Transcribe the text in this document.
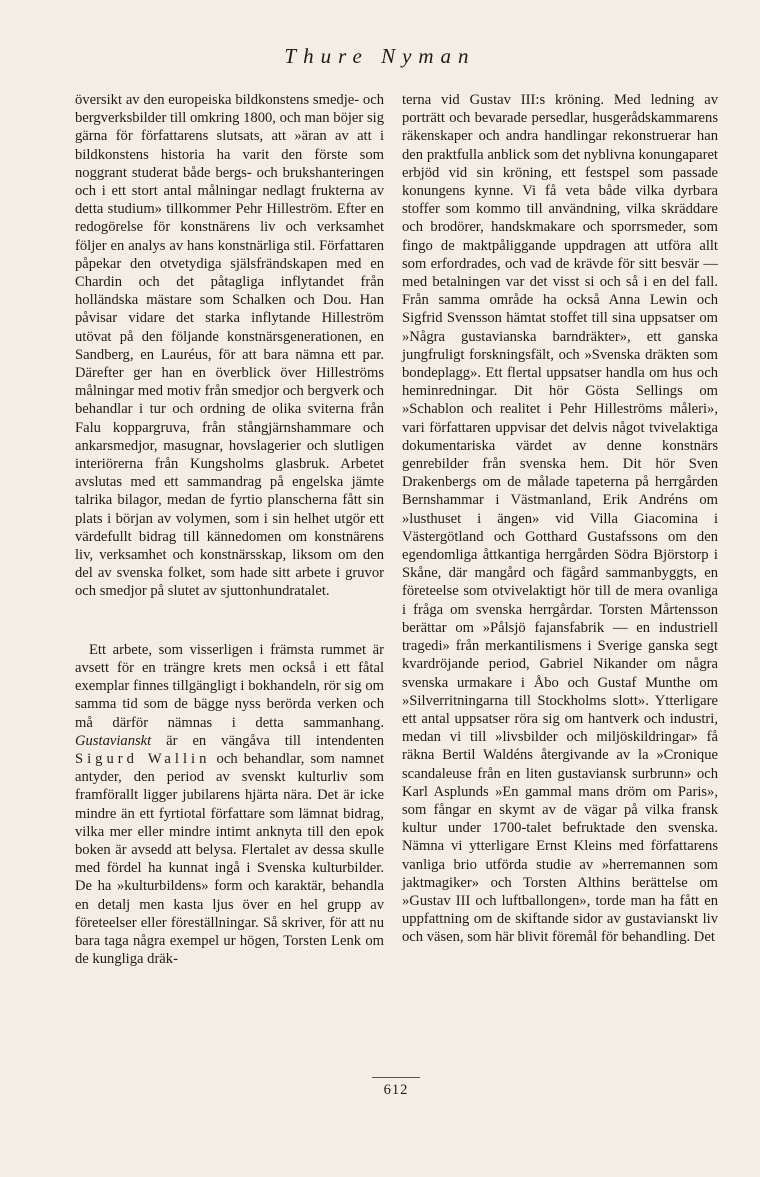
Thure Nyman

översikt av den europeiska bildkonstens smedje- och bergverksbilder till omkring 1800, och man böjer sig gärna för författarens slutsats, att »äran av att i bildkonstens historia ha varit den förste som noggrant studerat både bergs- och brukshanteringen och i ett stort antal målningar nedlagt frukterna av detta studium» tillkommer Pehr Hilleström. Efter en redogörelse för konstnärens liv och verksamhet följer en analys av hans konstnärliga stil. Författaren påpekar den otvetydiga själsfrändskapen med en Chardin och det påtagliga inflytandet från holländska mästare som Schalken och Dou. Han påvisar vidare det starka inflytande Hilleström utövat på den följande konstnärsgenerationen, en Sandberg, en Lauréus, för att bara nämna ett par. Därefter ger han en överblick över Hilleströms målningar med motiv från smedjor och bergverk och behandlar i tur och ordning de olika sviterna från Falu koppargruva, från stångjärnshammare och ankarsmedjor, masugnar, hovslagerier och slutligen interiörerna från Kungsholms glasbruk. Arbetet avslutas med ett sammandrag på engelska jämte talrika bilagor, medan de fyrtio planscherna fått sin plats i början av volymen, som i sin helhet utgör ett värdefullt bidrag till kännedomen om konstnärens liv, verksamhet och konstnärsskap, liksom om den del av svenska folket, som hade sitt arbete i gruvor och smedjor på slutet av sjuttonhundratalet.

Ett arbete, som visserligen i främsta rummet är avsett för en trängre krets men också i ett fåtal exemplar finnes tillgängligt i bokhandeln, rör sig om samma tid som de bägge nyss berörda verken och må därför nämnas i detta sammanhang. Gustavianskt är en vängåva till intendenten Sigurd Wallin och behandlar, som namnet antyder, den period av svenskt kulturliv som framförallt ligger jubilarens hjärta nära. Det är icke mindre än ett fyrtiotal författare som lämnat bidrag, vilka mer eller mindre intimt anknyta till den epok boken är avsedd att belysa. Flertalet av dessa skulle med fördel ha kunnat ingå i Svenska kulturbilder. De ha »kulturbildens» form och karaktär, behandla en detalj men kasta ljus över en hel grupp av företeelser eller föreställningar. Så skriver, för att nu bara taga några exempel ur högen, Torsten Lenk om de kungliga dräk-

terna vid Gustav III:s kröning. Med ledning av porträtt och bevarade persedlar, husgerådskammarens räkenskaper och andra handlingar rekonstruerar han den praktfulla anblick som det nyblivna konungaparet erbjöd vid sin kröning, ett festspel som passade konungens kynne. Vi få veta både vilka dyrbara stoffer som kommo till användning, vilka skräddare och brodörer, handskmakare och sporrsmeder, som fingo de maktpåliggande uppdragen att utföra allt som erfordrades, och vad de krävde för sitt besvär — med betalningen var det visst si och så i en del fall. Från samma område ha också Anna Lewin och Sigfrid Svensson hämtat stoffet till sina uppsatser om »Några gustavianska barndräkter», ett ganska jungfruligt forskningsfält, och »Svenska dräkten som bondeplagg». Ett flertal uppsatser handla om hus och heminredningar. Dit hör Gösta Sellings om »Schablon och realitet i Pehr Hilleströms måleri», vari författaren uppvisar det delvis något tvivelaktiga dokumentariska värdet av denne konstnärs genrebilder från svenska hem. Dit hör Sven Drakenbergs om de målade tapeterna på herrgården Bernshammar i Västmanland, Erik Andréns om »lusthuset i ängen» vid Villa Giacomina i Västergötland och Gotthard Gustafssons om den egendomliga åttkantiga herrgården Södra Björstorp i Skåne, där mangård och fägård sammanbyggts, en företeelse som otvivelaktigt hör till de mera ovanliga i fråga om svenska herrgårdar. Torsten Mårtensson berättar om »Pålsjö fajansfabrik — en industriell tragedi» från merkantilismens i Sverige ganska segt kvardröjande period, Gabriel Nikander om några svenska urmakare i Åbo och Gustaf Munthe om »Silverritningarna till Stockholms slott». Ytterligare ett antal uppsatser röra sig om hantverk och industri, medan vi till »livsbilder och miljöskildringar» få räkna Bertil Waldéns återgivande av la »Cronique scandaleuse från en liten gustaviansk surbrunn» och Karl Asplunds »En gammal mans dröm om Paris», som fångar en skymt av de vägar på vilka fransk kultur under 1700-talet befruktade den svenska. Nämna vi ytterligare Ernst Kleins med författarens vanliga brio utförda studie av »herremannen som jaktmagiker» och Torsten Althins berättelse om »Gustav III och luftballongen», torde man ha fått en uppfattning om de skiftande sidor av gustavianskt liv och väsen, som här blivit föremål för behandling. Det

612
